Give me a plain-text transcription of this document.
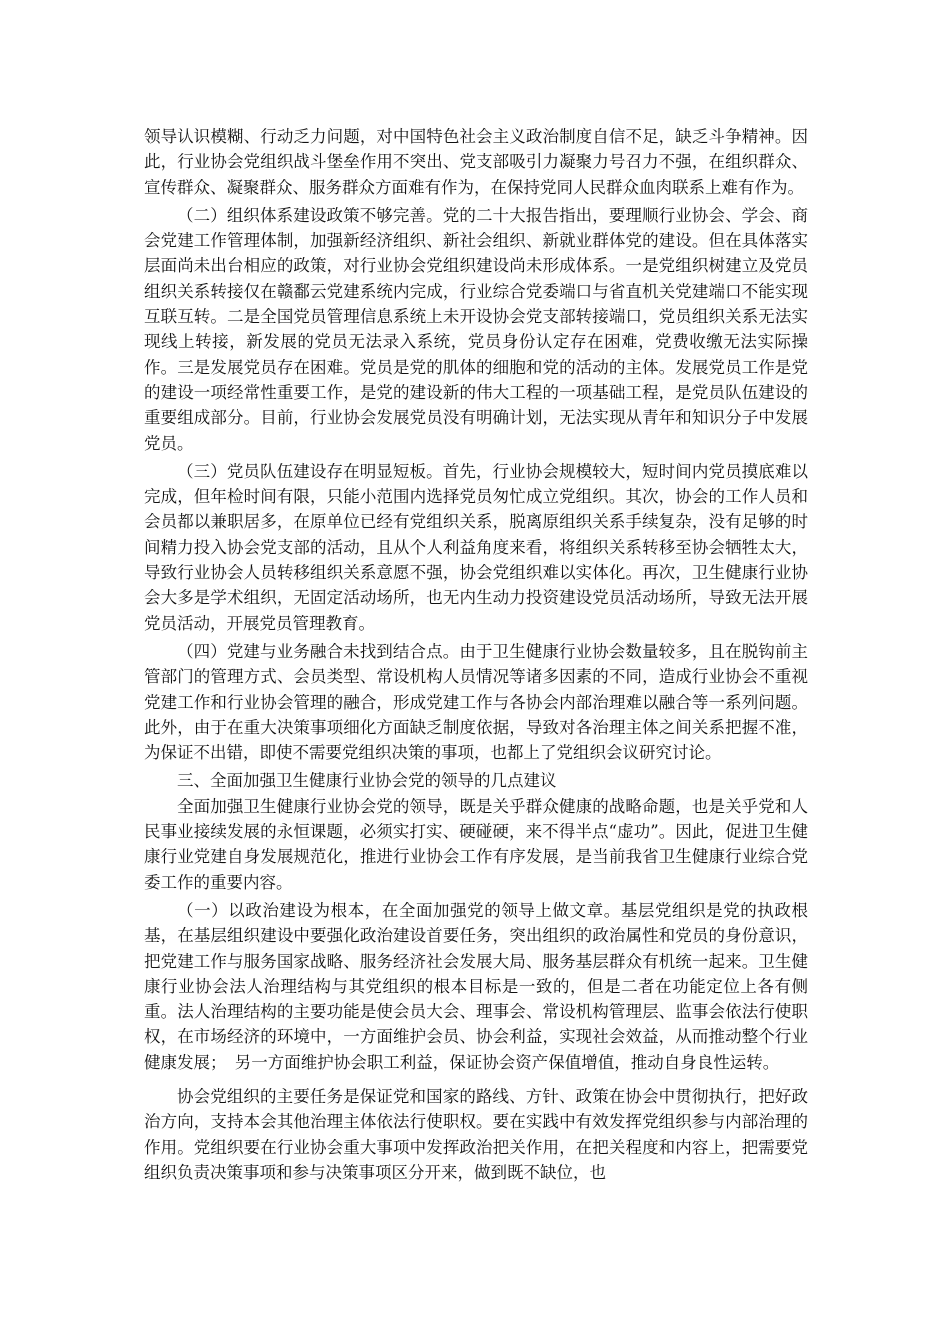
领导认识模糊、行动乏力问题，对中国特色社会主义政治制度自信不足，缺乏斗争精神。因此，行业协会党组织战斗堡垒作用不突出、党支部吸引力凝聚力号召力不强，在组织群众、宣传群众、凝聚群众、服务群众方面难有作为，在保持党同人民群众血肉联系上难有作为。

（二）组织体系建设政策不够完善。党的二十大报告指出，要理顺行业协会、学会、商会党建工作管理体制，加强新经济组织、新社会组织、新就业群体党的建设。但在具体落实层面尚未出台相应的政策，对行业协会党组织建设尚未形成体系。一是党组织树建立及党员组织关系转接仅在赣鄱云党建系统内完成，行业综合党委端口与省直机关党建端口不能实现互联互转。二是全国党员管理信息系统上未开设协会党支部转接端口，党员组织关系无法实现线上转接，新发展的党员无法录入系统，党员身份认定存在困难，党费收缴无法实际操作。三是发展党员存在困难。党员是党的肌体的细胞和党的活动的主体。发展党员工作是党的建设一项经常性重要工作，是党的建设新的伟大工程的一项基础工程，是党员队伍建设的重要组成部分。目前，行业协会发展党员没有明确计划，无法实现从青年和知识分子中发展党员。

（三）党员队伍建设存在明显短板。首先，行业协会规模较大，短时间内党员摸底难以完成，但年检时间有限，只能小范围内选择党员匆忙成立党组织。其次，协会的工作人员和会员都以兼职居多，在原单位已经有党组织关系，脱离原组织关系手续复杂，没有足够的时间精力投入协会党支部的活动，且从个人利益角度来看，将组织关系转移至协会牺牲太大，导致行业协会人员转移组织关系意愿不强，协会党组织难以实体化。再次，卫生健康行业协会大多是学术组织，无固定活动场所，也无内生动力投资建设党员活动场所，导致无法开展党员活动，开展党员管理教育。

（四）党建与业务融合未找到结合点。由于卫生健康行业协会数量较多，且在脱钩前主管部门的管理方式、会员类型、常设机构人员情况等诸多因素的不同，造成行业协会不重视党建工作和行业协会管理的融合，形成党建工作与各协会内部治理难以融合等一系列问题。此外，由于在重大决策事项细化方面缺乏制度依据，导致对各治理主体之间关系把握不准，为保证不出错，即使不需要党组织决策的事项，也都上了党组织会议研究讨论。

三、全面加强卫生健康行业协会党的领导的几点建议

全面加强卫生健康行业协会党的领导，既是关乎群众健康的战略命题，也是关乎党和人民事业接续发展的永恒课题，必须实打实、硬碰硬，来不得半点“虚功”。因此，促进卫生健康行业党建自身发展规范化，推进行业协会工作有序发展，是当前我省卫生健康行业综合党委工作的重要内容。

（一）以政治建设为根本，在全面加强党的领导上做文章。基层党组织是党的执政根基，在基层组织建设中要强化政治建设首要任务，突出组织的政治属性和党员的身份意识，把党建工作与服务国家战略、服务经济社会发展大局、服务基层群众有机统一起来。卫生健康行业协会法人治理结构与其党组织的根本目标是一致的，但是二者在功能定位上各有侧重。法人治理结构的主要功能是使会员大会、理事会、常设机构管理层、监事会依法行使职权，在市场经济的环境中，一方面维护会员、协会利益，实现社会效益，从而推动整个行业健康发展；　另一方面维护协会职工利益，保证协会资产保值增值，推动自身良性运转。

协会党组织的主要任务是保证党和国家的路线、方针、政策在协会中贯彻执行，把好政治方向，支持本会其他治理主体依法行使职权。要在实践中有效发挥党组织参与内部治理的作用。党组织要在行业协会重大事项中发挥政治把关作用，在把关程度和内容上，把需要党组织负责决策事项和参与决策事项区分开来，做到既不缺位，也
